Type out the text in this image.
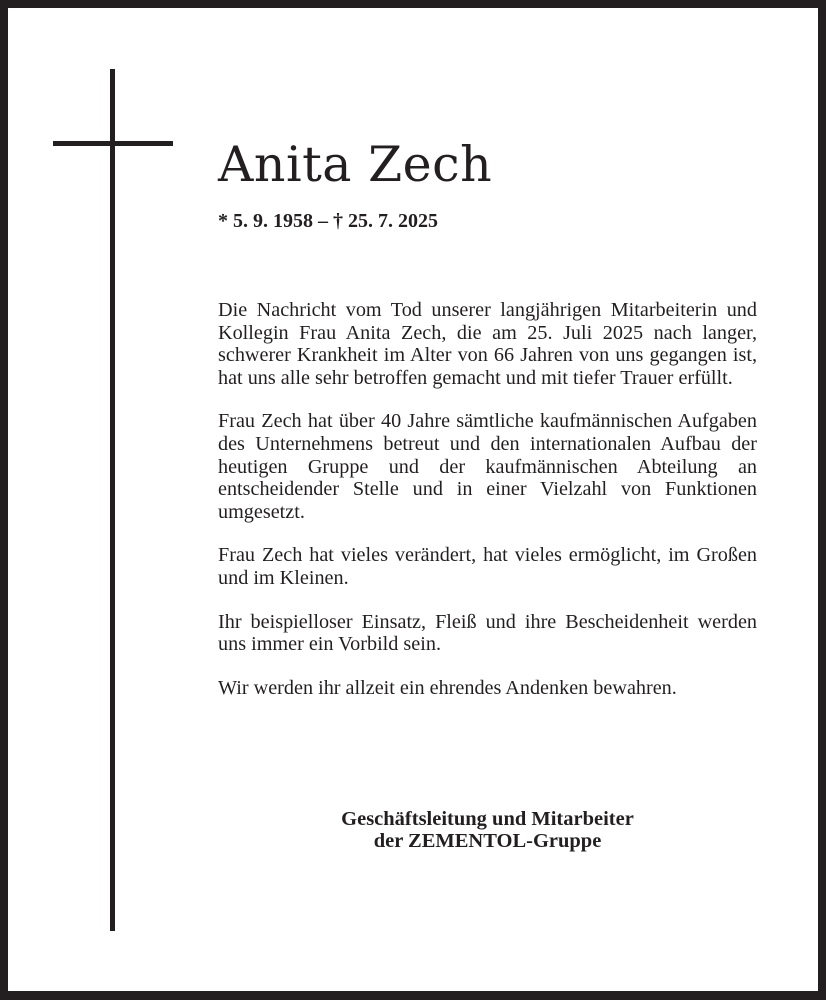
Anita Zech
* 5. 9. 1958 – † 25. 7. 2025

Die Nachricht vom Tod unserer langjährigen Mitarbeiterin und Kollegin Frau Anita Zech, die am 25. Juli 2025 nach langer, schwerer Krankheit im Alter von 66 Jahren von uns gegangen ist, hat uns alle sehr betroffen gemacht und mit tiefer Trauer erfüllt.

Frau Zech hat über 40 Jahre sämtliche kaufmännischen Aufgaben des Unternehmens betreut und den internationalen Aufbau der heutigen Gruppe und der kaufmännischen Abteilung an entscheidender Stelle und in einer Vielzahl von Funktionen umgesetzt.

Frau Zech hat vieles verändert, hat vieles ermöglicht, im Großen und im Kleinen.

Ihr beispielloser Einsatz, Fleiß und ihre Bescheidenheit werden uns immer ein Vorbild sein.

Wir werden ihr allzeit ein ehrendes Andenken bewahren.

Geschäftsleitung und Mitarbeiter
der ZEMENTOL-Gruppe
